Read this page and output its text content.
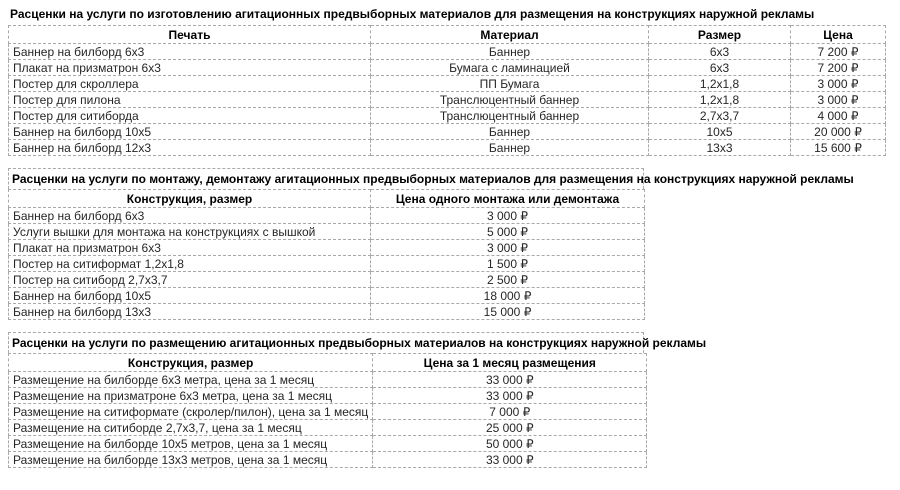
Расценки на услуги по изготовлению агитационных предвыборных материалов для размещения на конструкциях наружной рекламы
Печать	Материал	Размер	Цена
Баннер на билборд 6х3	Баннер	6х3	7 200 ₽
Плакат на призматрон 6х3	Бумага с ламинацией	6х3	7 200 ₽
Постер для скроллера	ПП Бумага	1,2х1,8	3 000 ₽
Постер для пилона	Транслюцентный баннер	1,2х1,8	3 000 ₽
Постер для ситиборда	Транслюцентный баннер	2,7х3,7	4 000 ₽
Баннер на билборд 10х5	Баннер	10х5	20 000 ₽
Баннер на билборд 12х3	Баннер	13х3	15 600 ₽
Расценки на услуги по монтажу, демонтажу агитационных предвыборных материалов для размещения на конструкциях наружной рекламы
Конструкция, размер	Цена одного монтажа или демонтажа
Баннер на билборд 6х3	3 000 ₽
Услуги вышки для монтажа на конструкциях с вышкой	5 000 ₽
Плакат на призматрон 6х3	3 000 ₽
Постер на ситиформат 1,2х1,8	1 500 ₽
Постер на ситиборд 2,7х3,7	2 500 ₽
Баннер на билборд 10х5	18 000 ₽
Баннер на билборд 13х3	15 000 ₽
Расценки на услуги по размещению агитационных предвыборных материалов на конструкциях наружной рекламы
Конструкция, размер	Цена за 1 месяц размещения
Размещение на билборде 6х3 метра, цена за 1 месяц	33 000 ₽
Размещение на призматроне 6х3 метра, цена за 1 месяц	33 000 ₽
Размещение на ситиформате (скролер/пилон), цена за 1 месяц	7 000 ₽
Размещение на ситиборде 2,7х3,7, цена за 1 месяц	25 000 ₽
Размещение на билборде 10х5 метров, цена за 1 месяц	50 000 ₽
Размещение на билборде 13х3 метров, цена за 1 месяц	33 000 ₽
